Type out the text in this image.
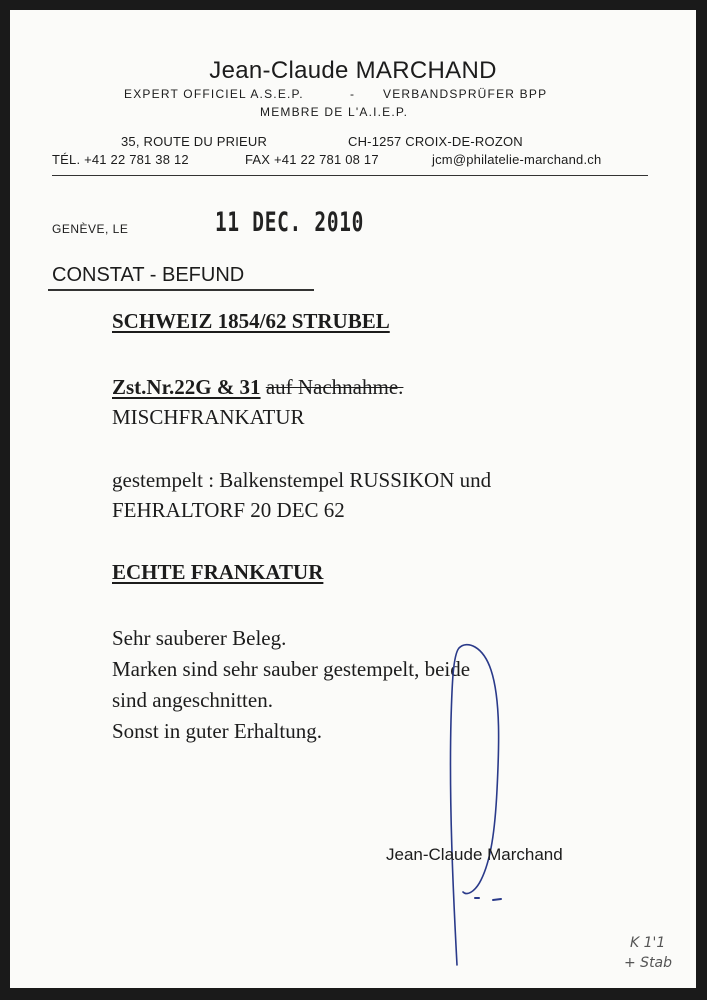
Jean-Claude MARCHAND
EXPERT OFFICIEL A.S.E.P.	- VERBANDSPRÜFER BPP
MEMBRE DE L'A.I.E.P.
35, ROUTE DU PRIEUR	CH-1257 CROIX-DE-ROZON
TÉL. +41 22 781 38 12	FAX +41 22 781 08 17	jcm@philatelie-marchand.ch
GENÈVE, LE	11 DEC. 2010
CONSTAT - BEFUND
SCHWEIZ 1854/62 STRUBEL
Zst.Nr.22G & 31 auf Nachnahme.
MISCHFRANKATUR
gestempelt : Balkenstempel RUSSIKON und
FEHRALTORF 20 DEC 62
ECHTE FRANKATUR
Sehr sauberer Beleg.
Marken sind sehr sauber gestempelt, beide
sind angeschnitten.
Sonst in guter Erhaltung.
Jean-Claude Marchand
K 1'1
+ Stab
